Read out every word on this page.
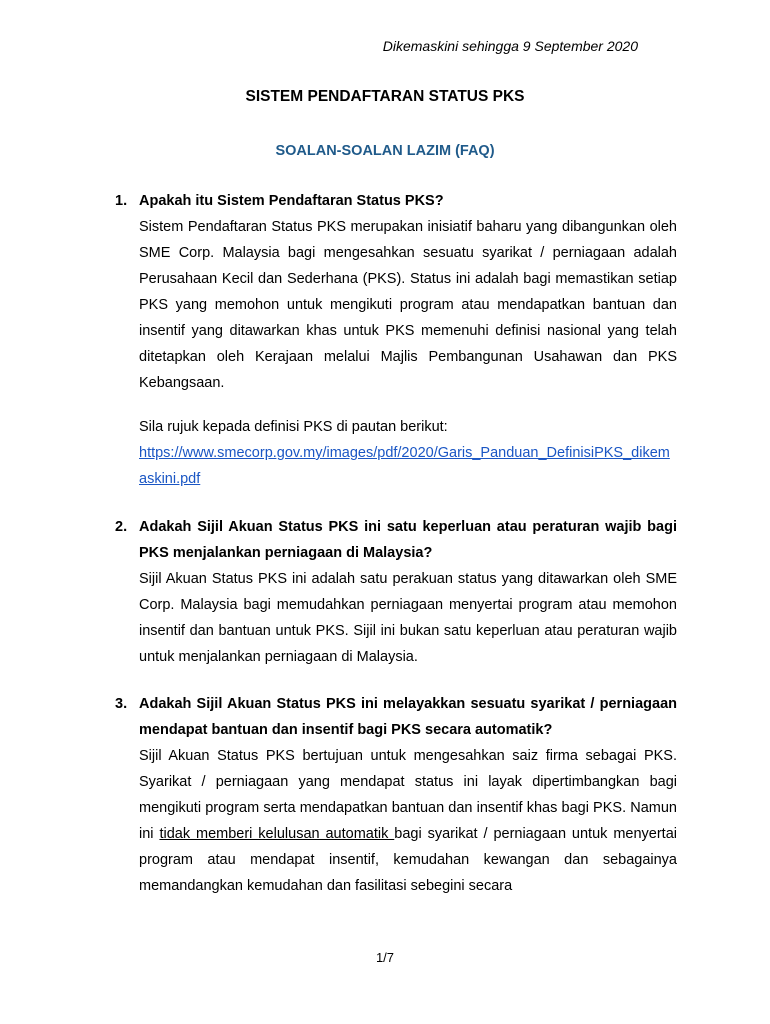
Dikemaskini sehingga 9 September 2020
SISTEM PENDAFTARAN STATUS PKS
SOALAN-SOALAN LAZIM (FAQ)
1. Apakah itu Sistem Pendaftaran Status PKS?
Sistem Pendaftaran Status PKS merupakan inisiatif baharu yang dibangunkan oleh SME Corp. Malaysia bagi mengesahkan sesuatu syarikat / perniagaan adalah Perusahaan Kecil dan Sederhana (PKS). Status ini adalah bagi memastikan setiap PKS yang memohon untuk mengikuti program atau mendapatkan bantuan dan insentif yang ditawarkan khas untuk PKS memenuhi definisi nasional yang telah ditetapkan oleh Kerajaan melalui Majlis Pembangunan Usahawan dan PKS Kebangsaan.
Sila rujuk kepada definisi PKS di pautan berikut:
https://www.smecorp.gov.my/images/pdf/2020/Garis_Panduan_DefinisiPKS_dikemaskini.pdf
2. Adakah Sijil Akuan Status PKS ini satu keperluan atau peraturan wajib bagi PKS menjalankan perniagaan di Malaysia?
Sijil Akuan Status PKS ini adalah satu perakuan status yang ditawarkan oleh SME Corp. Malaysia bagi memudahkan perniagaan menyertai program atau memohon insentif dan bantuan untuk PKS. Sijil ini bukan satu keperluan atau peraturan wajib untuk menjalankan perniagaan di Malaysia.
3. Adakah Sijil Akuan Status PKS ini melayakkan sesuatu syarikat / perniagaan mendapat bantuan dan insentif bagi PKS secara automatik?
Sijil Akuan Status PKS bertujuan untuk mengesahkan saiz firma sebagai PKS. Syarikat / perniagaan yang mendapat status ini layak dipertimbangkan bagi mengikuti program serta mendapatkan bantuan dan insentif khas bagi PKS. Namun ini tidak memberi kelulusan automatik bagi syarikat / perniagaan untuk menyertai program atau mendapat insentif, kemudahan kewangan dan sebagainya memandangkan kemudahan dan fasilitasi sebegini secara
1/7
